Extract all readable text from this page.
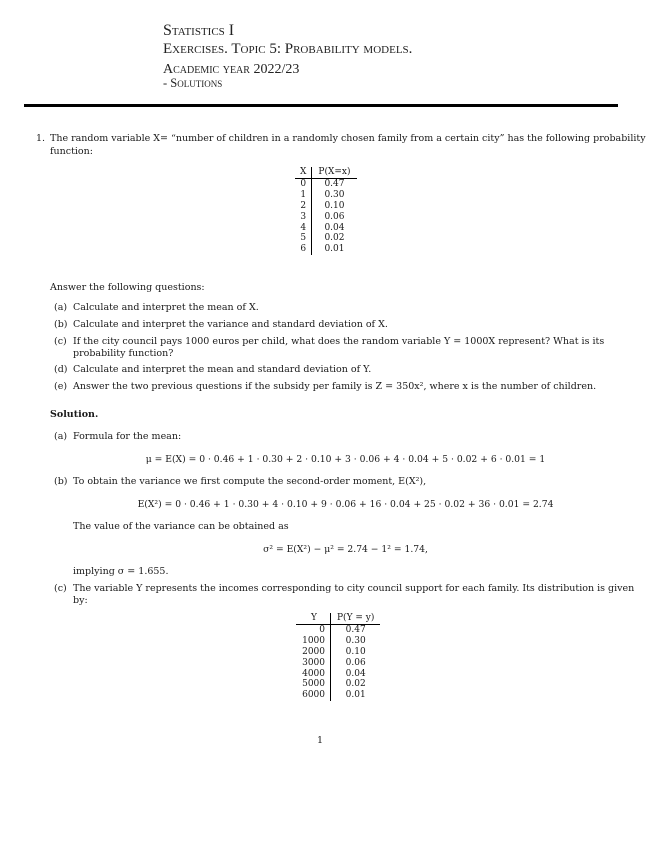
Statistics I
Exercises. Topic 5: Probability models.
Academic year 2022/23
- Solutions
1. The random variable X= “number of children in a randomly chosen family from a certain city” has the following probability
function:
X	P(X=x)
0	0.47
1	0.30
2	0.10
3	0.06
4	0.04
5	0.02
6	0.01
Answer the following questions:
(a) Calculate and interpret the mean of X.
(b) Calculate and interpret the variance and standard deviation of X.
(c) If the city council pays 1000 euros per child, what does the random variable Y = 1000X represent? What is its
probability function?
(d) Calculate and interpret the mean and standard deviation of Y.
(e) Answer the two previous questions if the subsidy per family is Z = 350x², where x is the number of children.
Solution.
(a) Formula for the mean:
μ = E(X) = 0 · 0.46 + 1 · 0.30 + 2 · 0.10 + 3 · 0.06 + 4 · 0.04 + 5 · 0.02 + 6 · 0.01 = 1
(b) To obtain the variance we first compute the second-order moment, E(X²),
E(X²) = 0 · 0.46 + 1 · 0.30 + 4 · 0.10 + 9 · 0.06 + 16 · 0.04 + 25 · 0.02 + 36 · 0.01 = 2.74
The value of the variance can be obtained as
σ² = E(X²) − μ² = 2.74 − 1² = 1.74,
implying σ = 1.655.
(c) The variable Y represents the incomes corresponding to city council support for each family. Its distribution is given
by:
Y	P(Y = y)
0	0.47
1000	0.30
2000	0.10
3000	0.06
4000	0.04
5000	0.02
6000	0.01
1
